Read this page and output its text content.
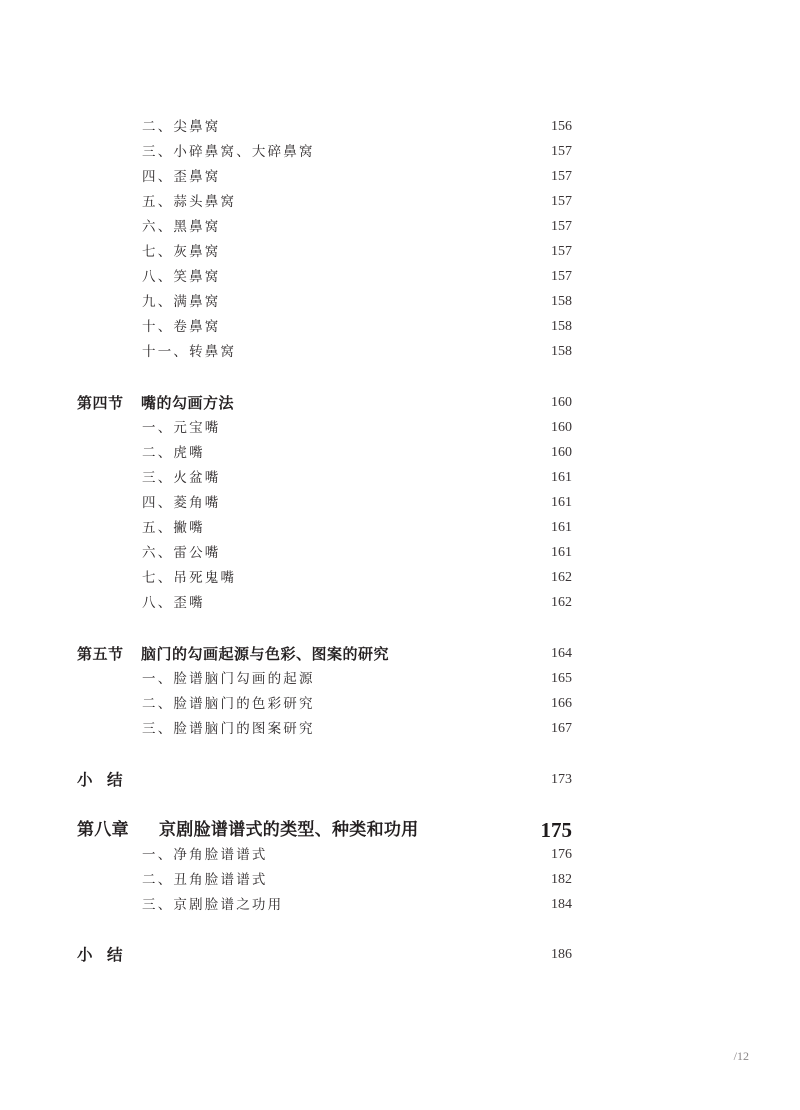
二、尖鼻窝	156
三、小碎鼻窝、大碎鼻窝	157
四、歪鼻窝	157
五、蒜头鼻窝	157
六、黑鼻窝	157
七、灰鼻窝	157
八、笑鼻窝	157
九、满鼻窝	158
十、卷鼻窝	158
十一、转鼻窝	158
第四节 嘴的勾画方法	160
一、元宝嘴	160
二、虎嘴	160
三、火盆嘴	161
四、菱角嘴	161
五、撇嘴	161
六、雷公嘴	161
七、吊死鬼嘴	162
八、歪嘴	162
第五节 脑门的勾画起源与色彩、图案的研究	164
一、脸谱脑门勾画的起源	165
二、脸谱脑门的色彩研究	166
三、脸谱脑门的图案研究	167
小 结	173
第八章 京剧脸谱谱式的类型、种类和功用	175
一、净角脸谱谱式	176
二、丑角脸谱谱式	182
三、京剧脸谱之功用	184
小 结	186
/12
